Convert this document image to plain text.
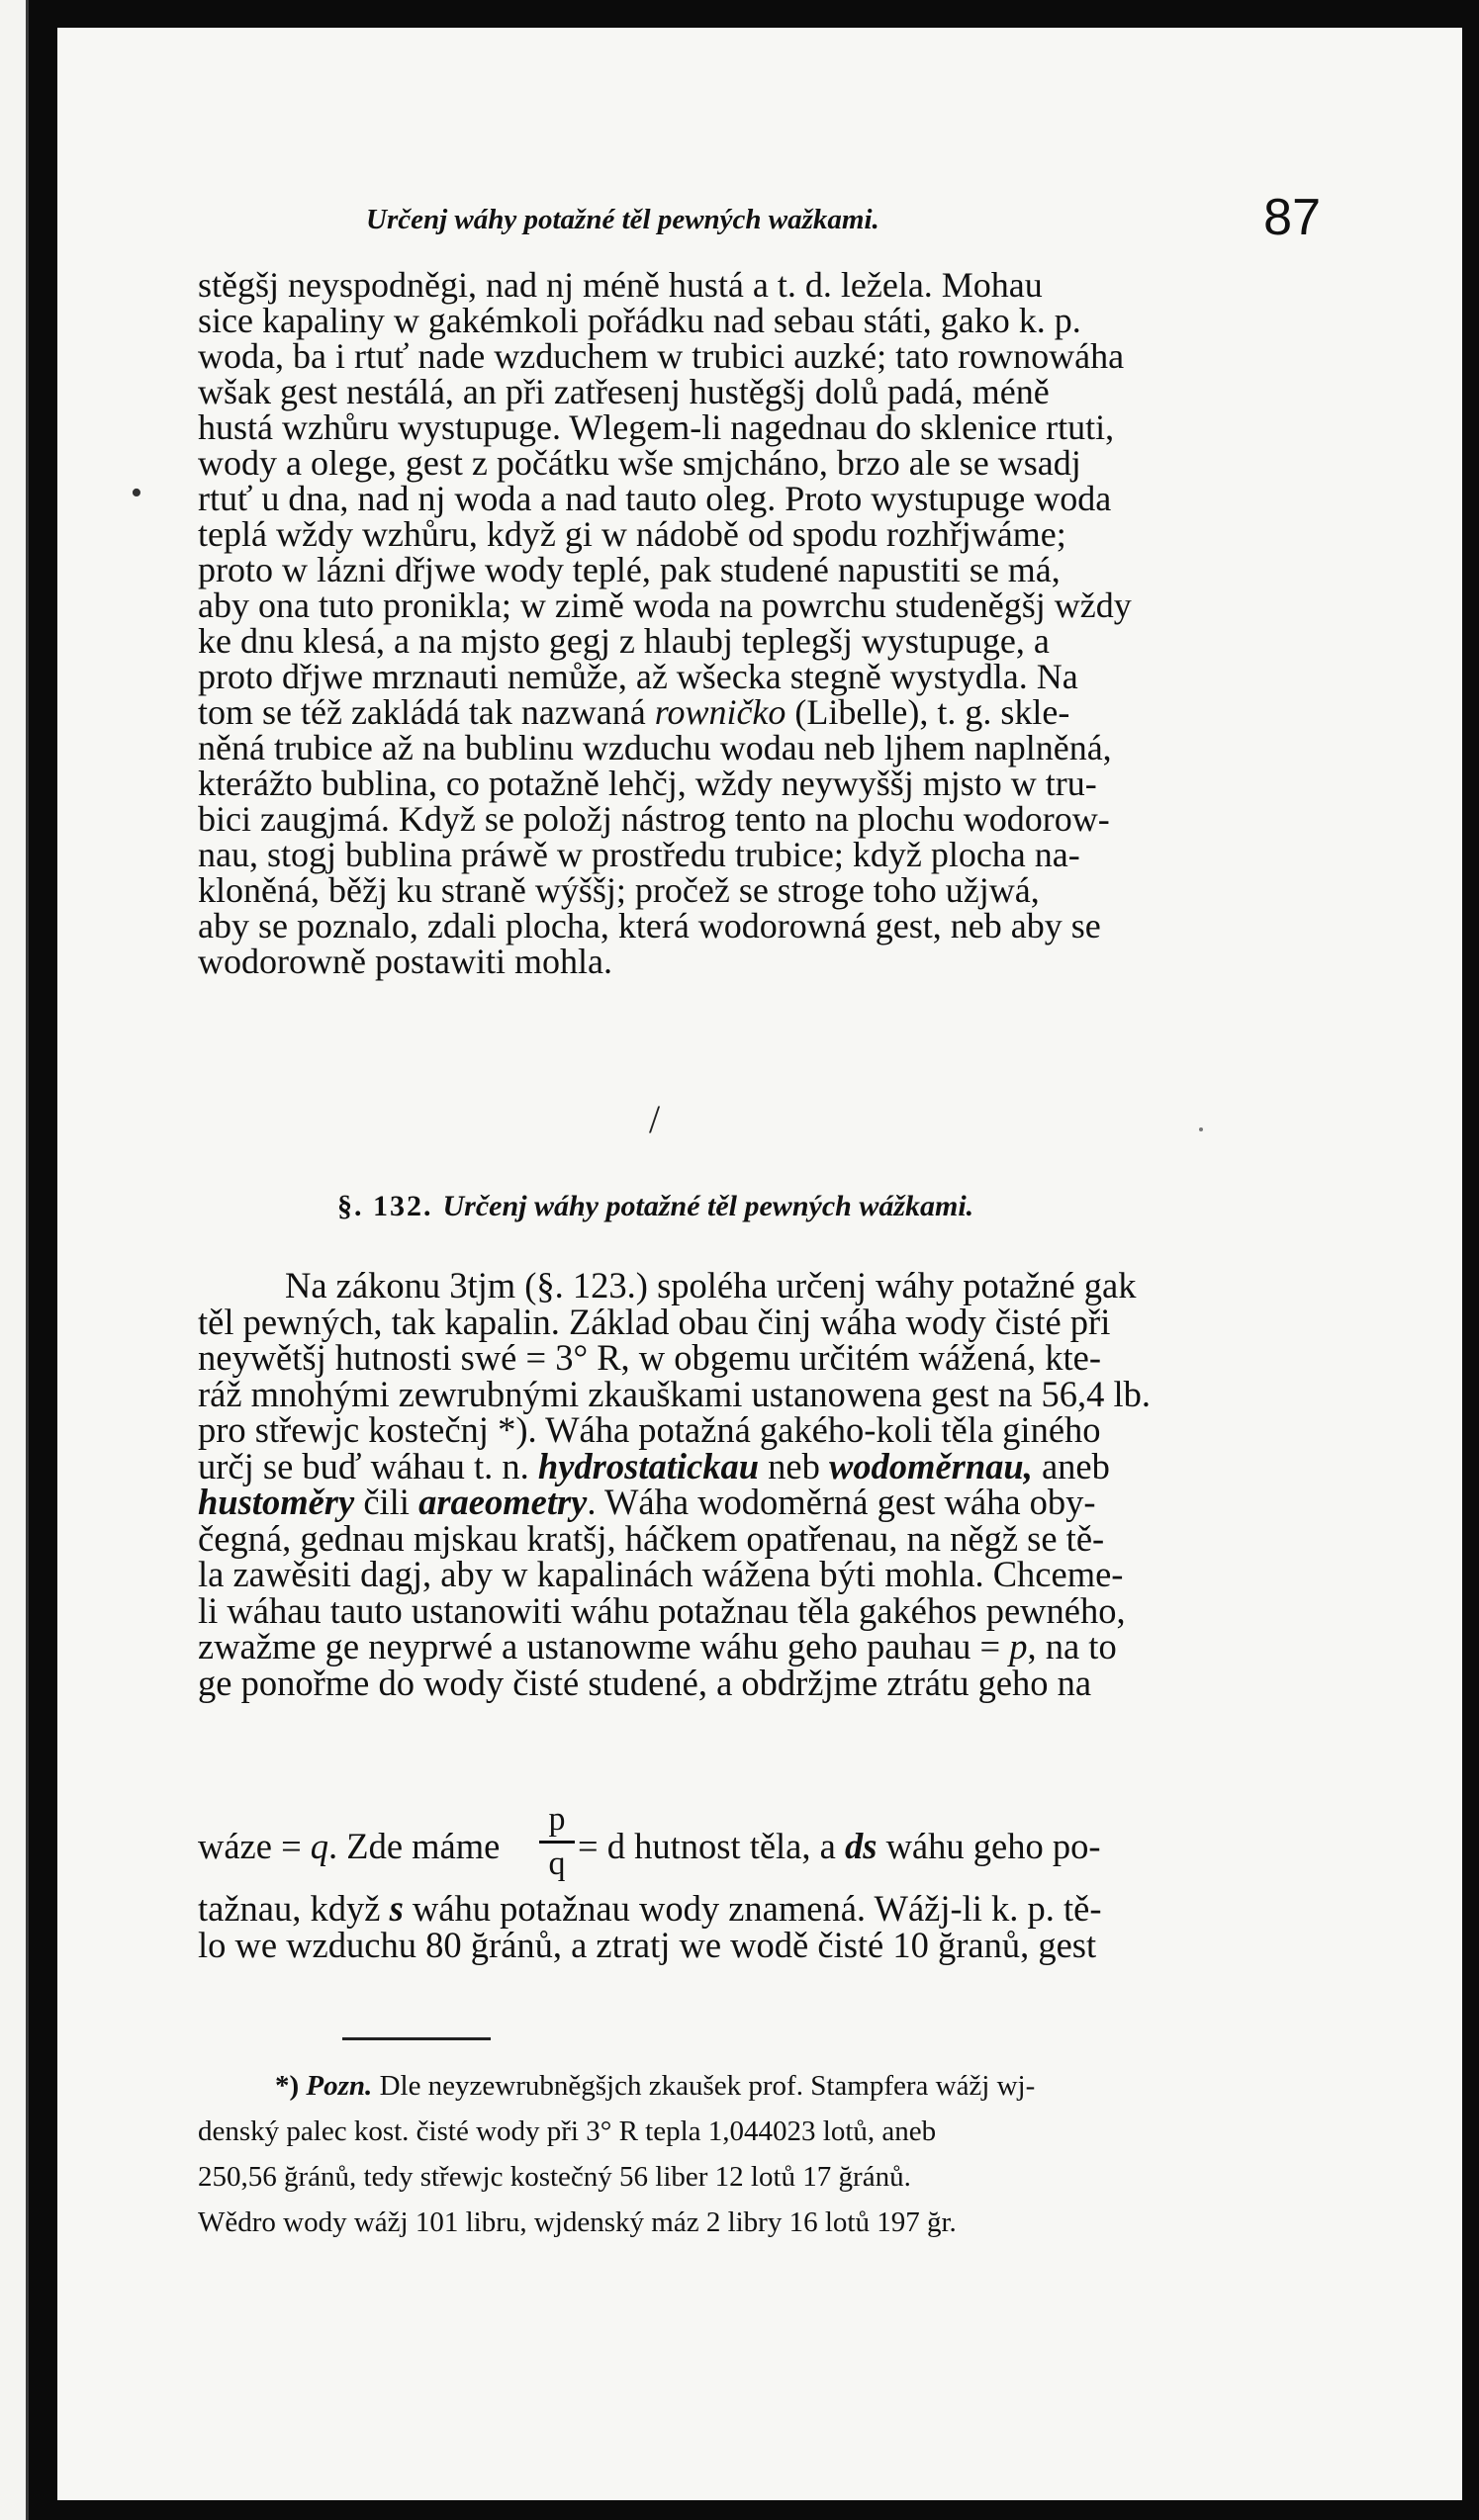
Určenj wáhy potažné těl pewných wažkami.	87
•

stěgšj neyspodněgi, nad nj méně hustá a t. d. ležela. Mohau
sice kapaliny w gakémkoli pořádku nad sebau státi, gako k. p.
woda, ba i rtuť nade wzduchem w trubici auzké; tato rownowáha
wšak gest nestálá, an při zatřesenj hustěgšj dolů padá, méně
hustá wzhůru wystupuge. Wlegem-li nagednau do sklenice rtuti,
wody a olege, gest z počátku wše smjcháno, brzo ale se wsadj
rtuť u dna, nad nj woda a nad tauto oleg. Proto wystupuge woda
teplá wždy wzhůru, když gi w nádobě od spodu rozhřjwáme;
proto w lázni dřjwe wody teplé, pak studené napustiti se má,
aby ona tuto pronikla; w zimě woda na powrchu studeněgšj wždy
ke dnu klesá, a na mjsto gegj z hlaubj teplegšj wystupuge, a
proto dřjwe mrznauti nemůže, až wšecka stegně wystydla. Na
tom se též zakládá tak nazwaná rowničko (Libelle), t. g. skle-
něná trubice až na bublinu wzduchu wodau neb ljhem naplněná,
kterážto bublina, co potažně lehčj, wždy neywyššj mjsto w tru-
bici zaugjmá. Když se položj nástrog tento na plochu wodorow-
nau, stogj bublina práwě w prostředu trubice; když plocha na-
kloněná, běžj ku straně wýššj; pročež se stroge toho užjwá,
aby se poznalo, zdali plocha, která wodorowná gest, neb aby se
wodorowně postawiti mohla.

/
§. 132. Určenj wáhy potažné těl pewných wážkami.

Na zákonu 3tjm (§. 123.) spoléha určenj wáhy potažné gak
těl pewných, tak kapalin. Základ obau činj wáha wody čisté při
neywětšj hutnosti swé = 3° R, w obgemu určitém wážená, kte-
ráž mnohými zewrubnými zkauškami ustanowena gest na 56,4 lb.
pro střewjc kostečnj *). Wáha potažná gakého-koli těla giného
určj se buď wáhau t. n. hydrostatickau neb wodoměrnau, aneb
hustoměry čili araeometry. Wáha wodoměrná gest wáha oby-
čegná, gednau mjskau kratšj, háčkem opatřenau, na něgž se tě-
la zawěsiti dagj, aby w kapalinách wážena býti mohla. Chceme-
li wáhau tauto ustanowiti wáhu potažnau těla gakéhos pewného,
zwažme ge neyprwé a ustanowme wáhu geho pauhau = p, na to
ge ponořme do wody čisté studené, a obdržjme ztrátu geho na

wáze = q. Zde máme
p
q = d hutnost těla, a ds wáhu geho po-

tažnau, když s wáhu potažnau wody znamená. Wážj-li k. p. tě-
lo we wzduchu 80 ğránů, a ztratj we wodě čisté 10 ğranů, gest

*) Pozn. Dle neyzewrubněgšjch zkaušek prof. Stampfera wážj wj-
denský palec kost. čisté wody při 3° R tepla 1,044023 lotů, aneb
250,56 ğránů, tedy střewjc kostečný 56 liber 12 lotů 17 ğránů.
Wědro wody wážj 101 libru, wjdenský máz 2 libry 16 lotů 197 ğr.
